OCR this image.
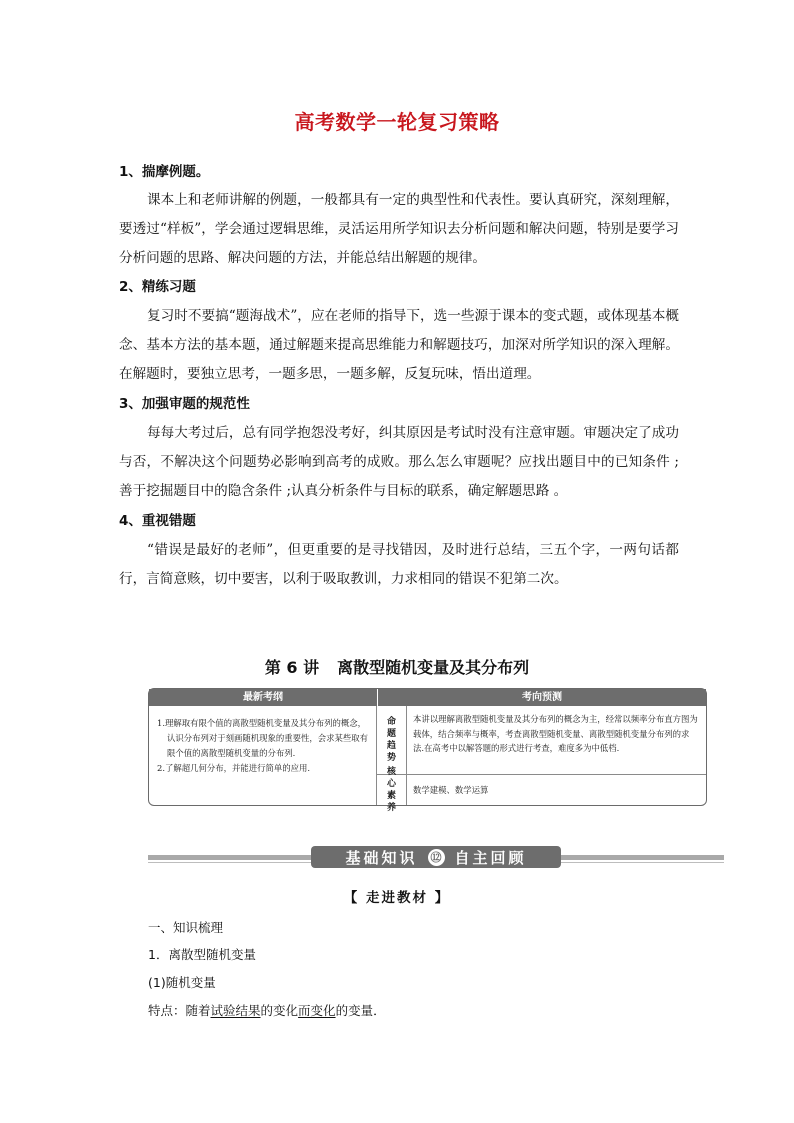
高考数学一轮复习策略
1、揣摩例题。
课本上和老师讲解的例题，一般都具有一定的典型性和代表性。要认真研究，深刻理解，要透过“样板”，学会通过逻辑思维，灵活运用所学知识去分析问题和解决问题，特别是要学习分析问题的思路、解决问题的方法，并能总结出解题的规律。
2、精练习题
复习时不要搞“题海战术”，应在老师的指导下，选一些源于课本的变式题，或体现基本概念、基本方法的基本题，通过解题来提高思维能力和解题技巧，加深对所学知识的深入理解。在解题时，要独立思考，一题多思，一题多解，反复玩味，悟出道理。
3、加强审题的规范性
每每大考过后，总有同学抱怨没考好，纠其原因是考试时没有注意审题。审题决定了成功与否，不解决这个问题势必影响到高考的成败。那么怎么审题呢？应找出题目中的已知条件 ;善于挖掘题目中的隐含条件 ;认真分析条件与目标的联系，确定解题思路 。
4、重视错题
“错误是最好的老师”，但更重要的是寻找错因，及时进行总结，三五个字，一两句话都行，言简意赅，切中要害，以利于吸取教训，力求相同的错误不犯第二次。
第 6 讲 离散型随机变量及其分布列
最新考纲	考向预测
1.理解取有限个值的离散型随机变量及其分布列的概念，认识分布列对于刻画随机现象的重要性，会求某些取有限个值的离散型随机变量的分布列.
2.了解超几何分布，并能进行简单的应用.
命题趋势
本讲以理解离散型随机变量及其分布列的概念为主，经常以频率分布直方图为载体，结合频率与概率，考查离散型随机变量、离散型随机变量分布列的求法.在高考中以解答题的形式进行考查，难度多为中低档.
核心素养
数学建模、数学运算
基础知识 ⑫ 自主回顾
【 走进教材 】
一、知识梳理
1．离散型随机变量
(1)随机变量
特点：随着试验结果的变化而变化的变量．
